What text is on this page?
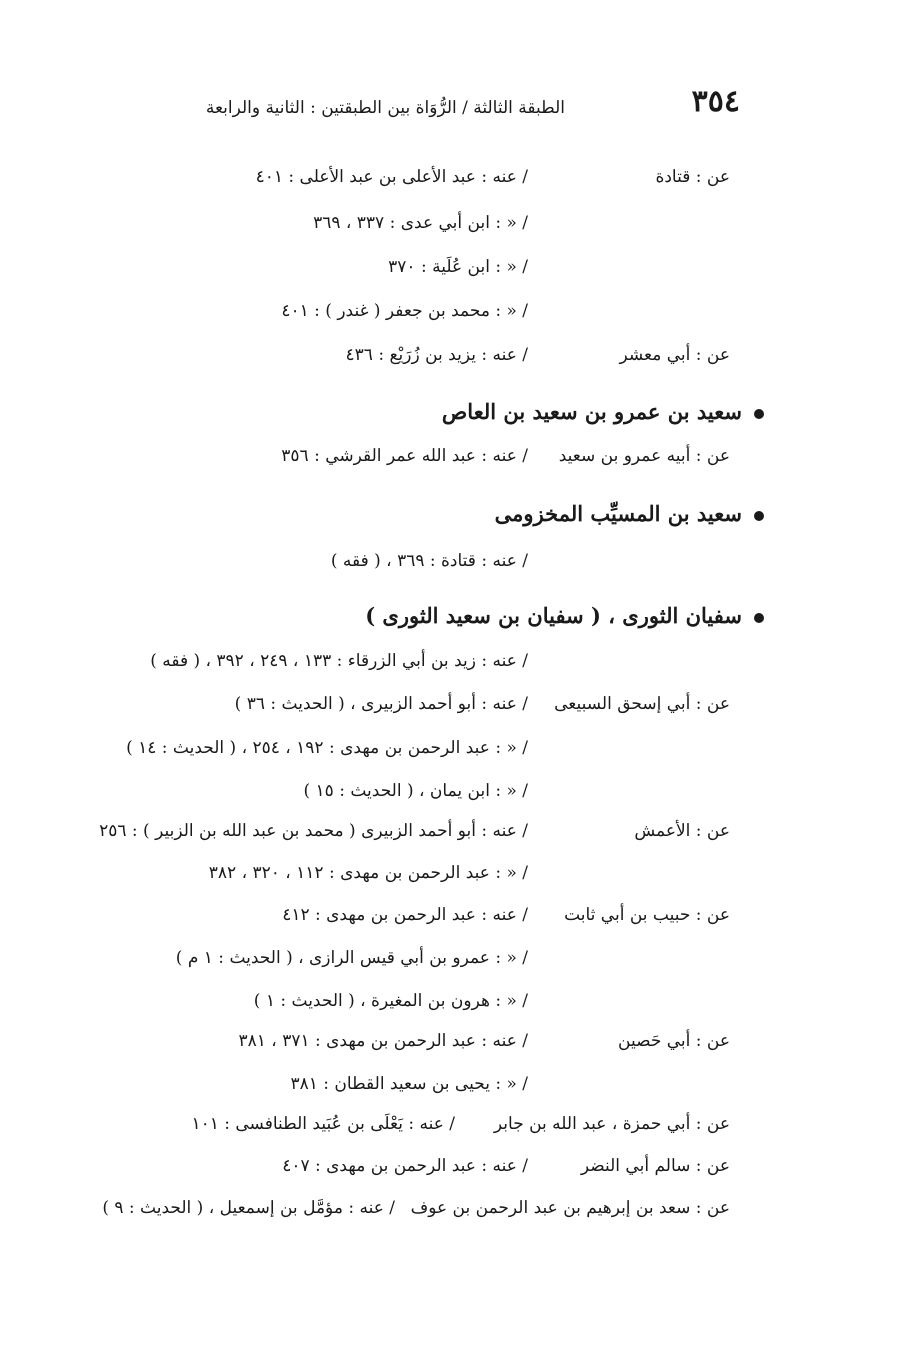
٣٥٤
الطبقة الثالثة / الرُّوَاة بين الطبقتين : الثانية والرابعة
عن : قتادة
/ عنه : عبد الأعلى بن عبد الأعلى : ٤٠١
/ « : ابن أبي عدى : ٣٣٧ ، ٣٦٩
/ « : ابن عُلَية : ٣٧٠
/ « : محمد بن جعفر ( غندر ) : ٤٠١
عن : أبي معشر
/ عنه : يزيد بن زُرَيْع : ٤٣٦
سعيد بن عمرو بن سعيد بن العاص
عن : أبيه عمرو بن سعيد
/ عنه : عبد الله عمر القرشي : ٣٥٦
سعيد بن المسيِّب المخزومى
/ عنه : قتادة : ٣٦٩ ، ( فقه )
سفيان الثورى ، ( سفيان بن سعيد الثورى )
/ عنه : زيد بن أبي الزرقاء : ١٣٣ ، ٢٤٩ ، ٣٩٢ ، ( فقه )
عن : أبي إسحق السبيعى
/ عنه : أبو أحمد الزبيرى ، ( الحديث : ٣٦ )
/ « : عبد الرحمن بن مهدى : ١٩٢ ، ٢٥٤ ، ( الحديث : ١٤ )
/ « : ابن يمان ، ( الحديث : ١٥ )
عن : الأعمش
/ عنه : أبو أحمد الزبيرى ( محمد بن عبد الله بن الزبير ) : ٢٥٦
/ « : عبد الرحمن بن مهدى : ١١٢ ، ٣٢٠ ، ٣٨٢
عن : حبيب بن أبي ثابت
/ عنه : عبد الرحمن بن مهدى : ٤١٢
/ « : عمرو بن أبي قيس الرازى ، ( الحديث : ١ م )
/ « : هرون بن المغيرة ، ( الحديث : ١ )
عن : أبي حَصين
/ عنه : عبد الرحمن بن مهدى : ٣٧١ ، ٣٨١
/ « : يحيى بن سعيد القطان : ٣٨١
عن : أبي حمزة ، عبد الله بن جابر
/ عنه : يَعْلَى بن عُبَيد الطنافسى : ١٠١
عن : سالم أبي النضر
/ عنه : عبد الرحمن بن مهدى : ٤٠٧
عن : سعد بن إبرهيم بن عبد الرحمن بن عوف
/ عنه : مؤمَّل بن إسمعيل ، ( الحديث : ٩ )
